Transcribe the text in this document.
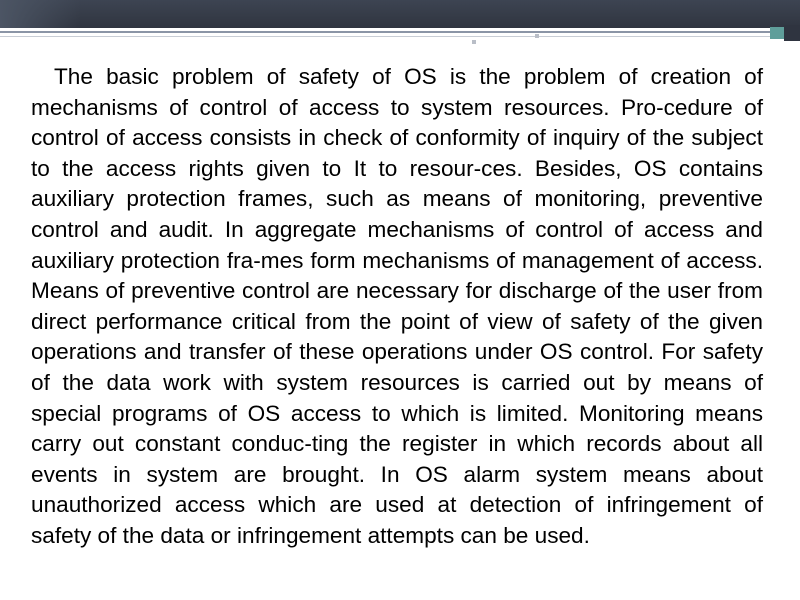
The basic problem of safety of OS is the problem of creation of mechanisms of control of access to system resources. Pro-cedure of control of access consists in check of conformity of inquiry of the subject to the access rights given to It to resour-ces. Besides, OS contains auxiliary protection frames, such as means of monitoring, preventive control and audit. In aggregate mechanisms of control of access and auxiliary protection fra-mes form mechanisms of management of access. Means of preventive control are necessary for discharge of the user from direct performance critical from the point of view of safety of the given operations and transfer of these operations under OS control. For safety of the data work with system resources is carried out by means of special programs of OS access to which is limited. Monitoring means carry out constant conduc-ting the register in which records about all events in system are brought. In OS alarm system means about unauthorized access which are used at detection of infringement of safety of the data or infringement attempts can be used.
